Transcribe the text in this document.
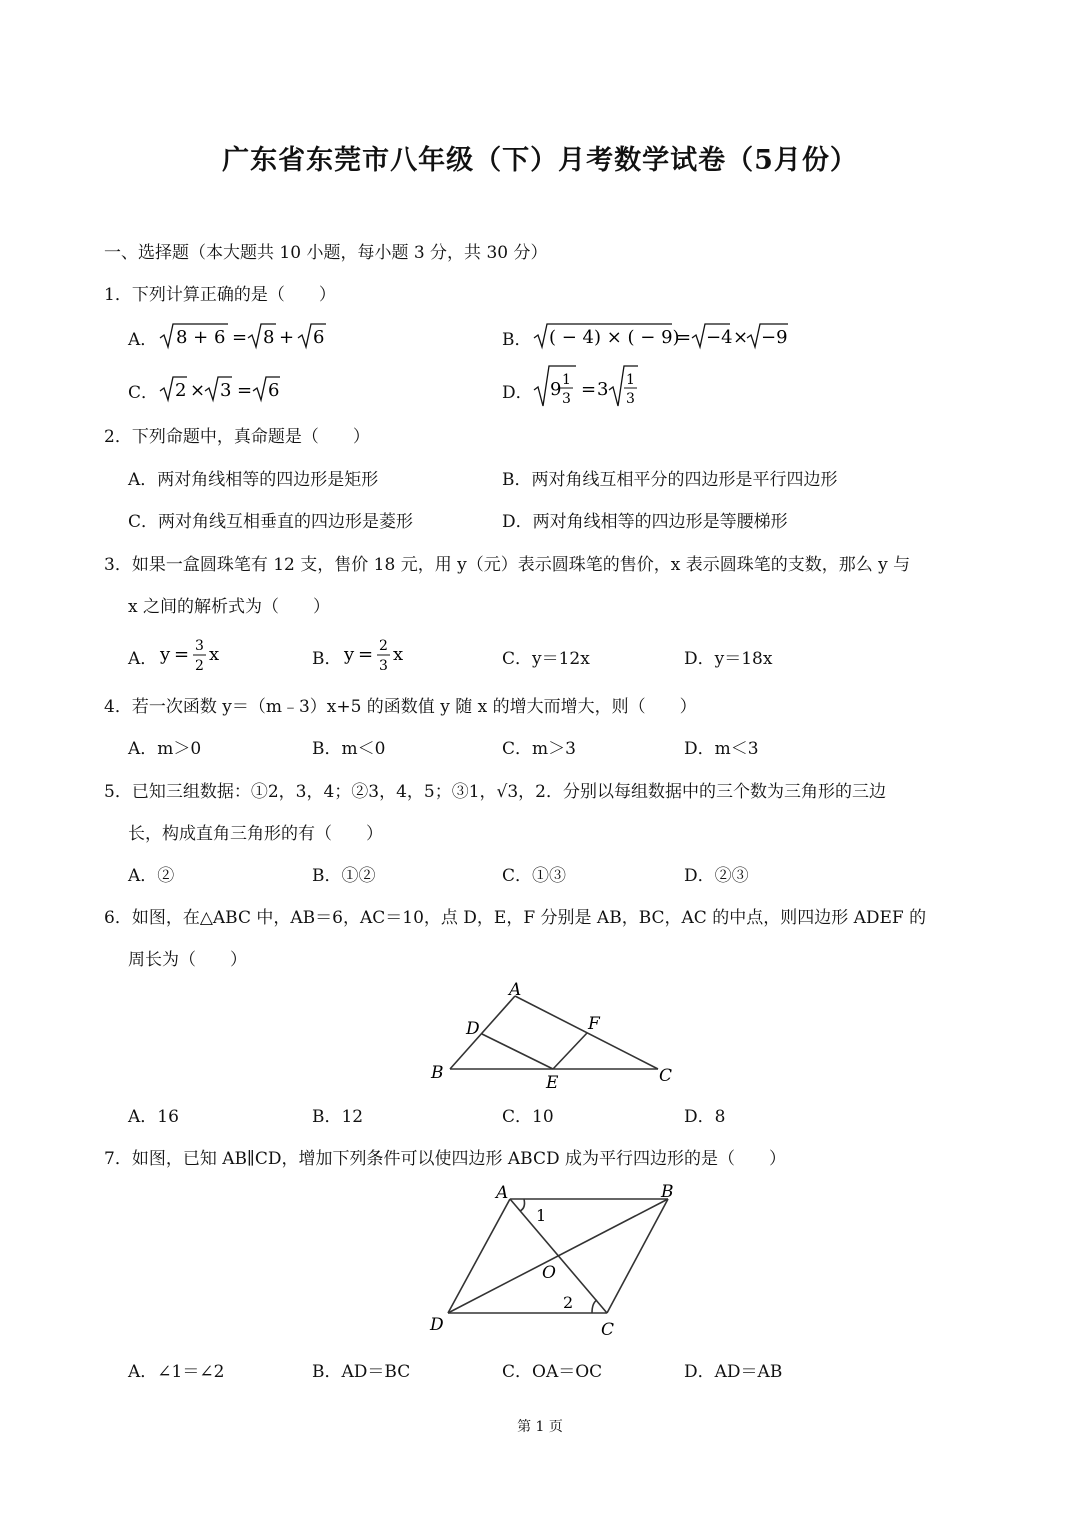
广东省东莞市八年级（下）月考数学试卷（5月份）
一、选择题（本大题共 10 小题，每小题 3 分，共 30 分）
1．下列计算正确的是（　　）
A． 8 + 6 = 8 + 6	B． ( − 4) × ( − 9)
= −4 × −9
C． 2 × 3 = 6	D． 9 1
3 = 3 1
3
2．下列命题中，真命题是（　　）
A．两对角线相等的四边形是矩形	B．两对角线互相平分的四边形是平行四边形
C．两对角线互相垂直的四边形是菱形	D．两对角线相等的四边形是等腰梯形
3．如果一盒圆珠笔有 12 支，售价 18 元，用 y（元）表示圆珠笔的售价，x 表示圆珠笔的支数，那么 y 与
x 之间的解析式为（　　）
A． y = 3
2
x	B． y = 2
3
x	C．y＝12x	D．y＝18x
4．若一次函数 y＝（m﹣3）x+5 的函数值 y 随 x 的增大而增大，则（　　）
A．m＞0	B．m＜0	C．m＞3	D．m＜3
5．已知三组数据：①2，3，4；②3，4，5；③1，√3，2．分别以每组数据中的三个数为三角形的三边
长，构成直角三角形的有（　　）
A．②	B．①②	C．①③	D．②③
6．如图，在△ABC 中，AB＝6，AC＝10，点 D，E，F 分别是 AB，BC，AC 的中点，则四边形 ADEF 的
周长为（　　）
A
D	F
B	E	C
A．16	B．12	C．10	D．8
7．如图，已知 AB∥CD，增加下列条件可以使四边形 ABCD 成为平行四边形的是（　　）
A	B
1
O
2
D	C
A．∠1＝∠2	B．AD＝BC	C．OA＝OC	D．AD＝AB
第 1 页
